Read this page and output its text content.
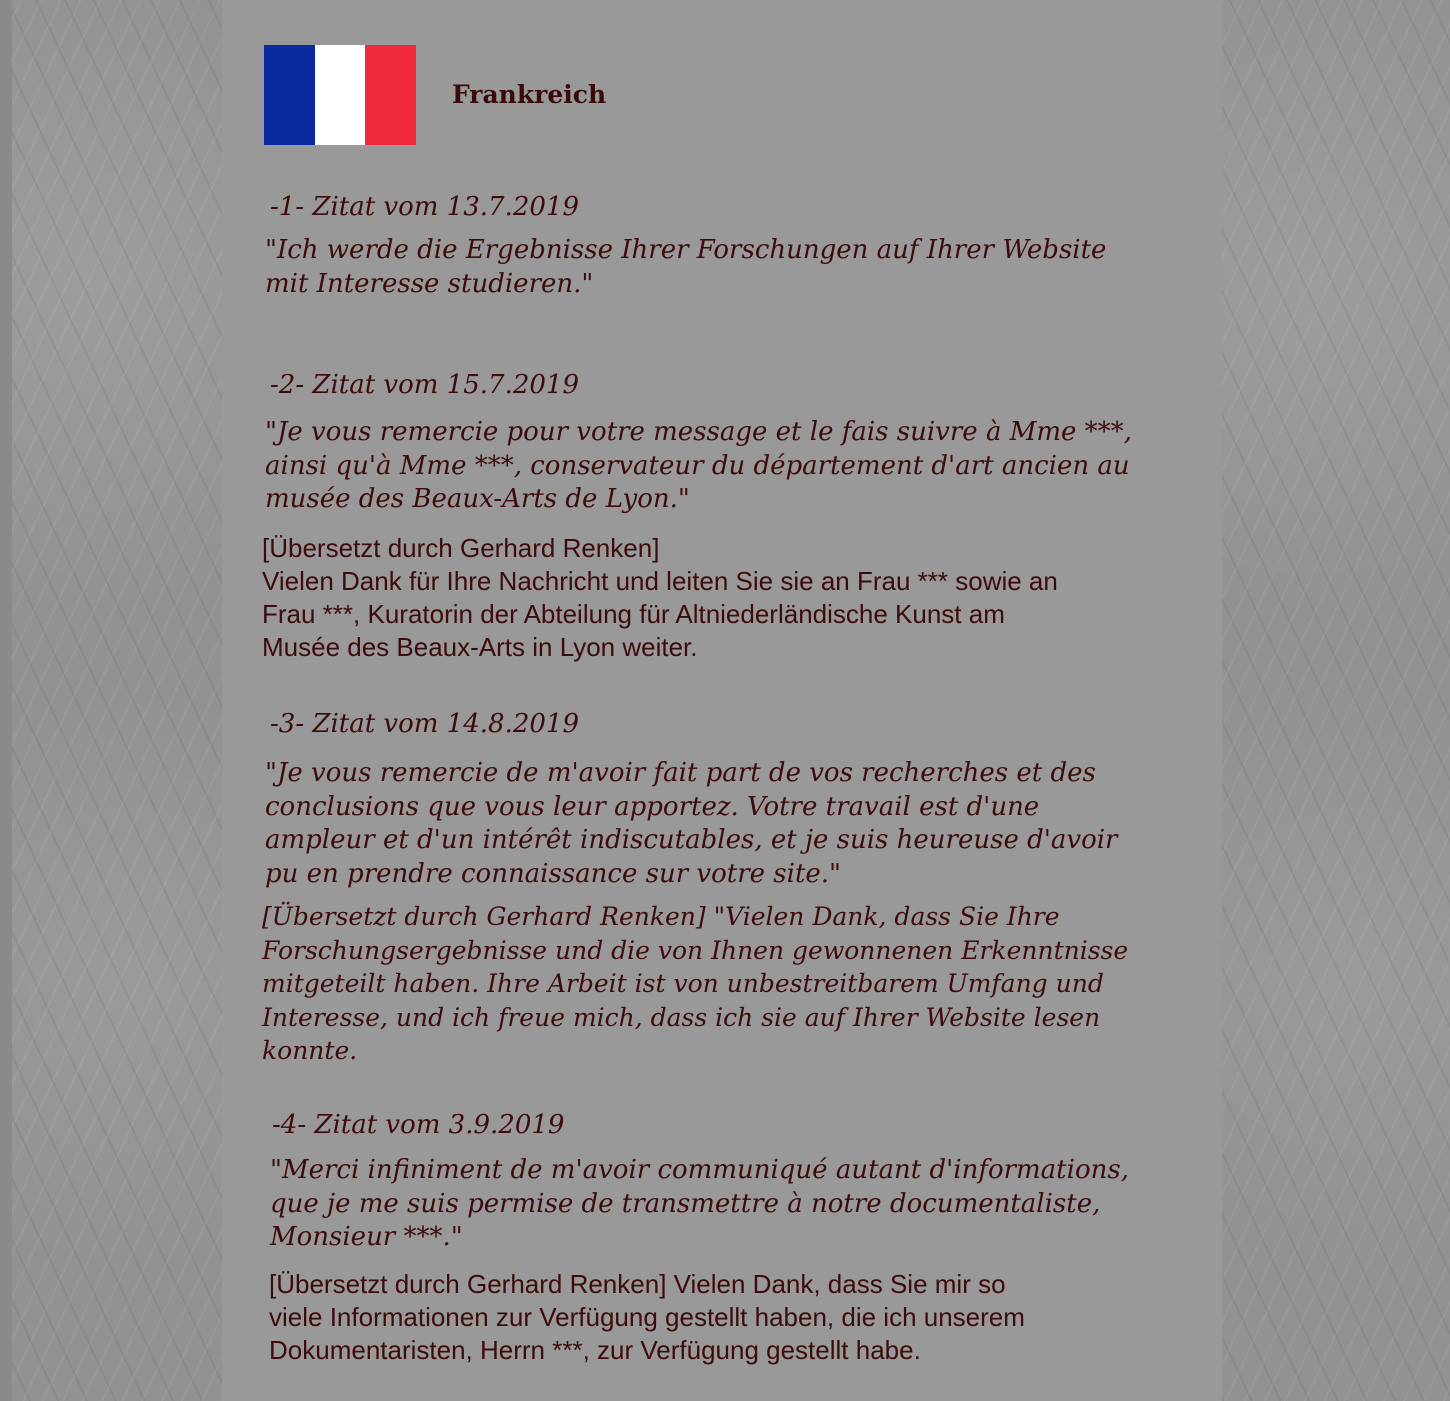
Frankreich

-1- Zitat vom 13.7.2019

"Ich werde die Ergebnisse Ihrer Forschungen auf Ihrer Website
mit Interesse studieren."

-2- Zitat vom 15.7.2019

"Je vous remercie pour votre message et le fais suivre à Mme ***,
ainsi qu'à Mme ***, conservateur du département d'art ancien au
musée des Beaux-Arts de Lyon."

[Übersetzt durch Gerhard Renken]
Vielen Dank für Ihre Nachricht und leiten Sie sie an Frau *** sowie an
Frau ***, Kuratorin der Abteilung für Altniederländische Kunst am
Musée des Beaux-Arts in Lyon weiter.

-3- Zitat vom 14.8.2019

"Je vous remercie de m'avoir fait part de vos recherches et des
conclusions que vous leur apportez. Votre travail est d'une
ampleur et d'un intérêt indiscutables, et je suis heureuse d'avoir
pu en prendre connaissance sur votre site."

[Übersetzt durch Gerhard Renken] "Vielen Dank, dass Sie Ihre
Forschungsergebnisse und die von Ihnen gewonnenen Erkenntnisse
mitgeteilt haben. Ihre Arbeit ist von unbestreitbarem Umfang und
Interesse, und ich freue mich, dass ich sie auf Ihrer Website lesen
konnte.

-4- Zitat vom 3.9.2019

"Merci infiniment de m'avoir communiqué autant d'informations,
que je me suis permise de transmettre à notre documentaliste,
Monsieur ***."

[Übersetzt durch Gerhard Renken] Vielen Dank, dass Sie mir so
viele Informationen zur Verfügung gestellt haben, die ich unserem
Dokumentaristen, Herrn ***, zur Verfügung gestellt habe.
